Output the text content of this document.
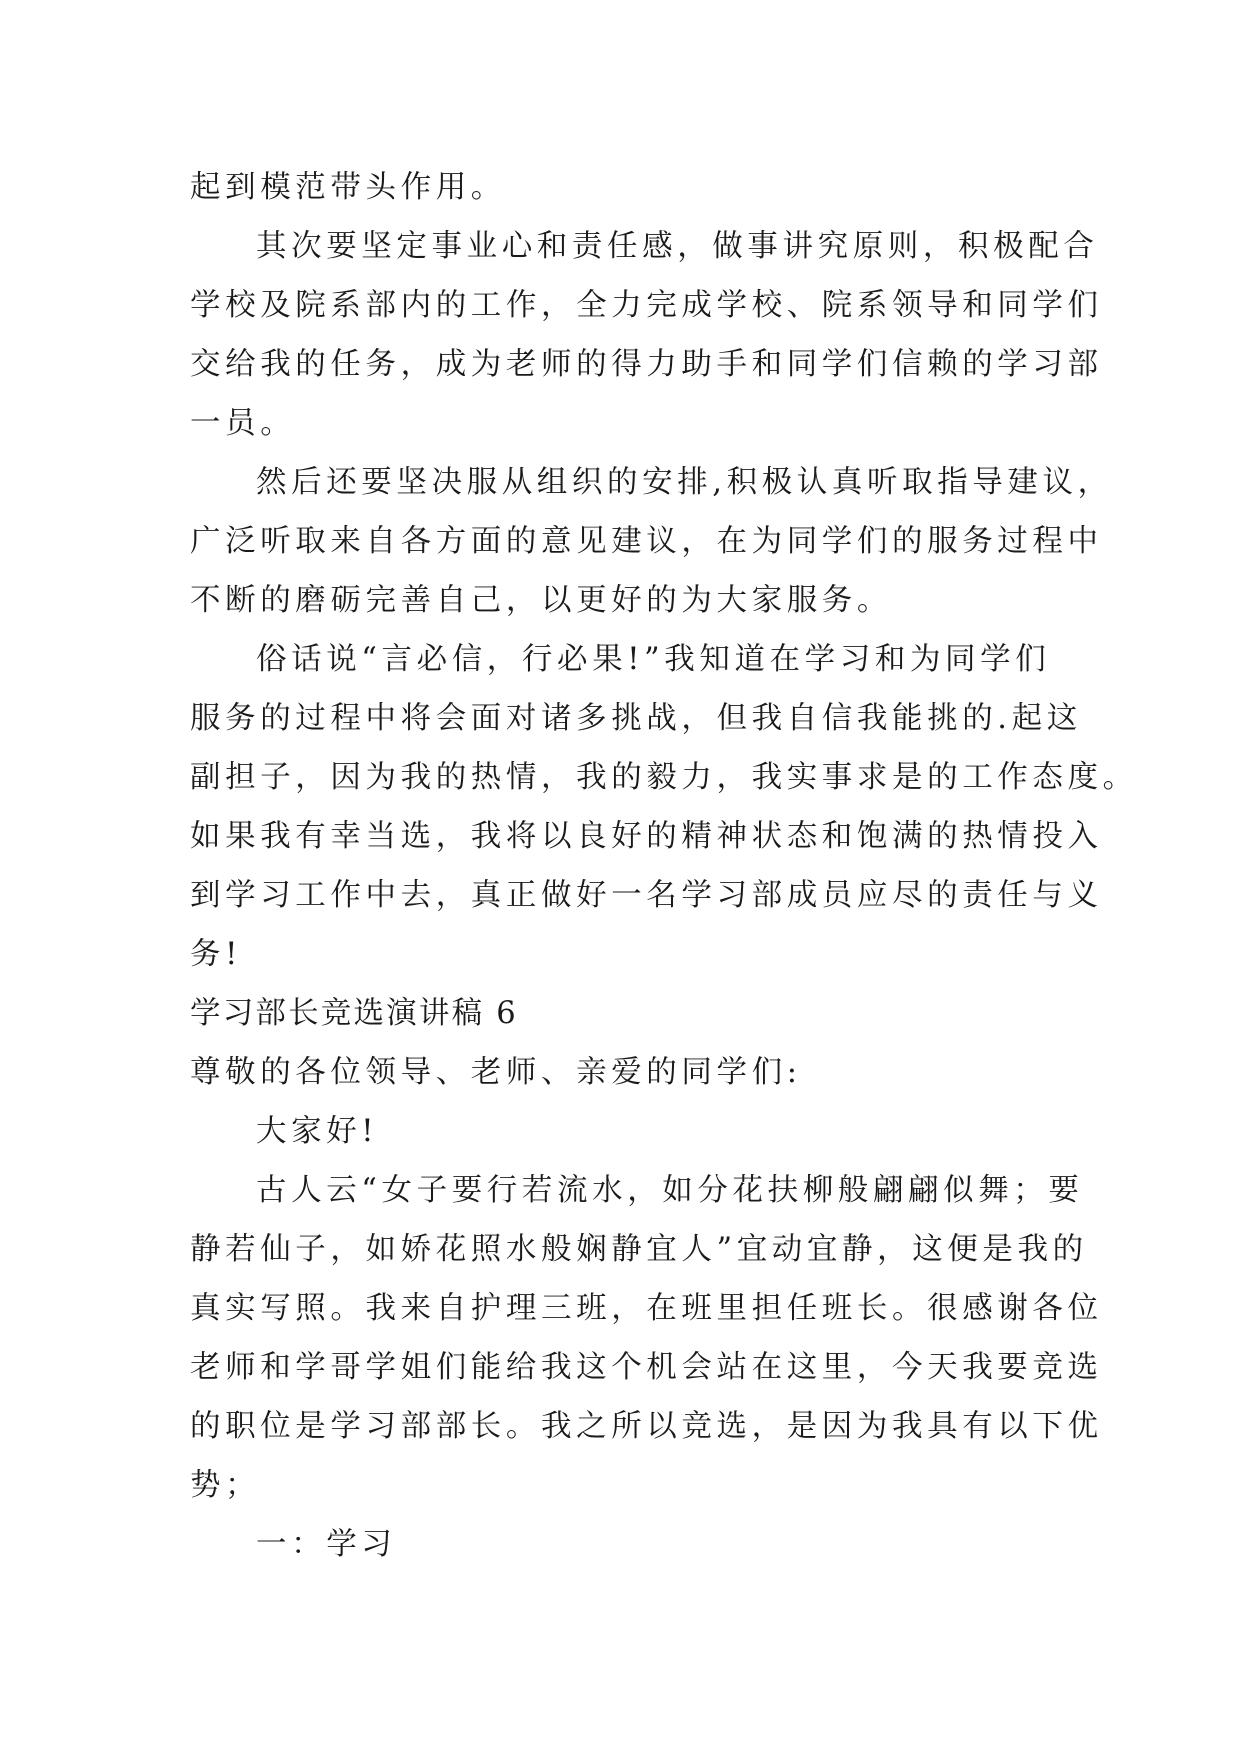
起到模范带头作用。
其次要坚定事业心和责任感，做事讲究原则，积极配合
学校及院系部内的工作，全力完成学校、院系领导和同学们
交给我的任务，成为老师的得力助手和同学们信赖的学习部
一员。
然后还要坚决服从组织的安排,积极认真听取指导建议，
广泛听取来自各方面的意见建议，在为同学们的服务过程中
不断的磨砺完善自己，以更好的为大家服务。
俗话说“言必信，行必果!”我知道在学习和为同学们
服务的过程中将会面对诸多挑战，但我自信我能挑的.起这
副担子，因为我的热情，我的毅力，我实事求是的工作态度。
如果我有幸当选，我将以良好的精神状态和饱满的热情投入
到学习工作中去，真正做好一名学习部成员应尽的责任与义
务!
学习部长竞选演讲稿 6
尊敬的各位领导、老师、亲爱的同学们:
大家好!
古人云“女子要行若流水，如分花扶柳般翩翩似舞；要
静若仙子，如娇花照水般娴静宜人”宜动宜静，这便是我的
真实写照。我来自护理三班，在班里担任班长。很感谢各位
老师和学哥学姐们能给我这个机会站在这里，今天我要竞选
的职位是学习部部长。我之所以竞选，是因为我具有以下优
势；
一：学习
